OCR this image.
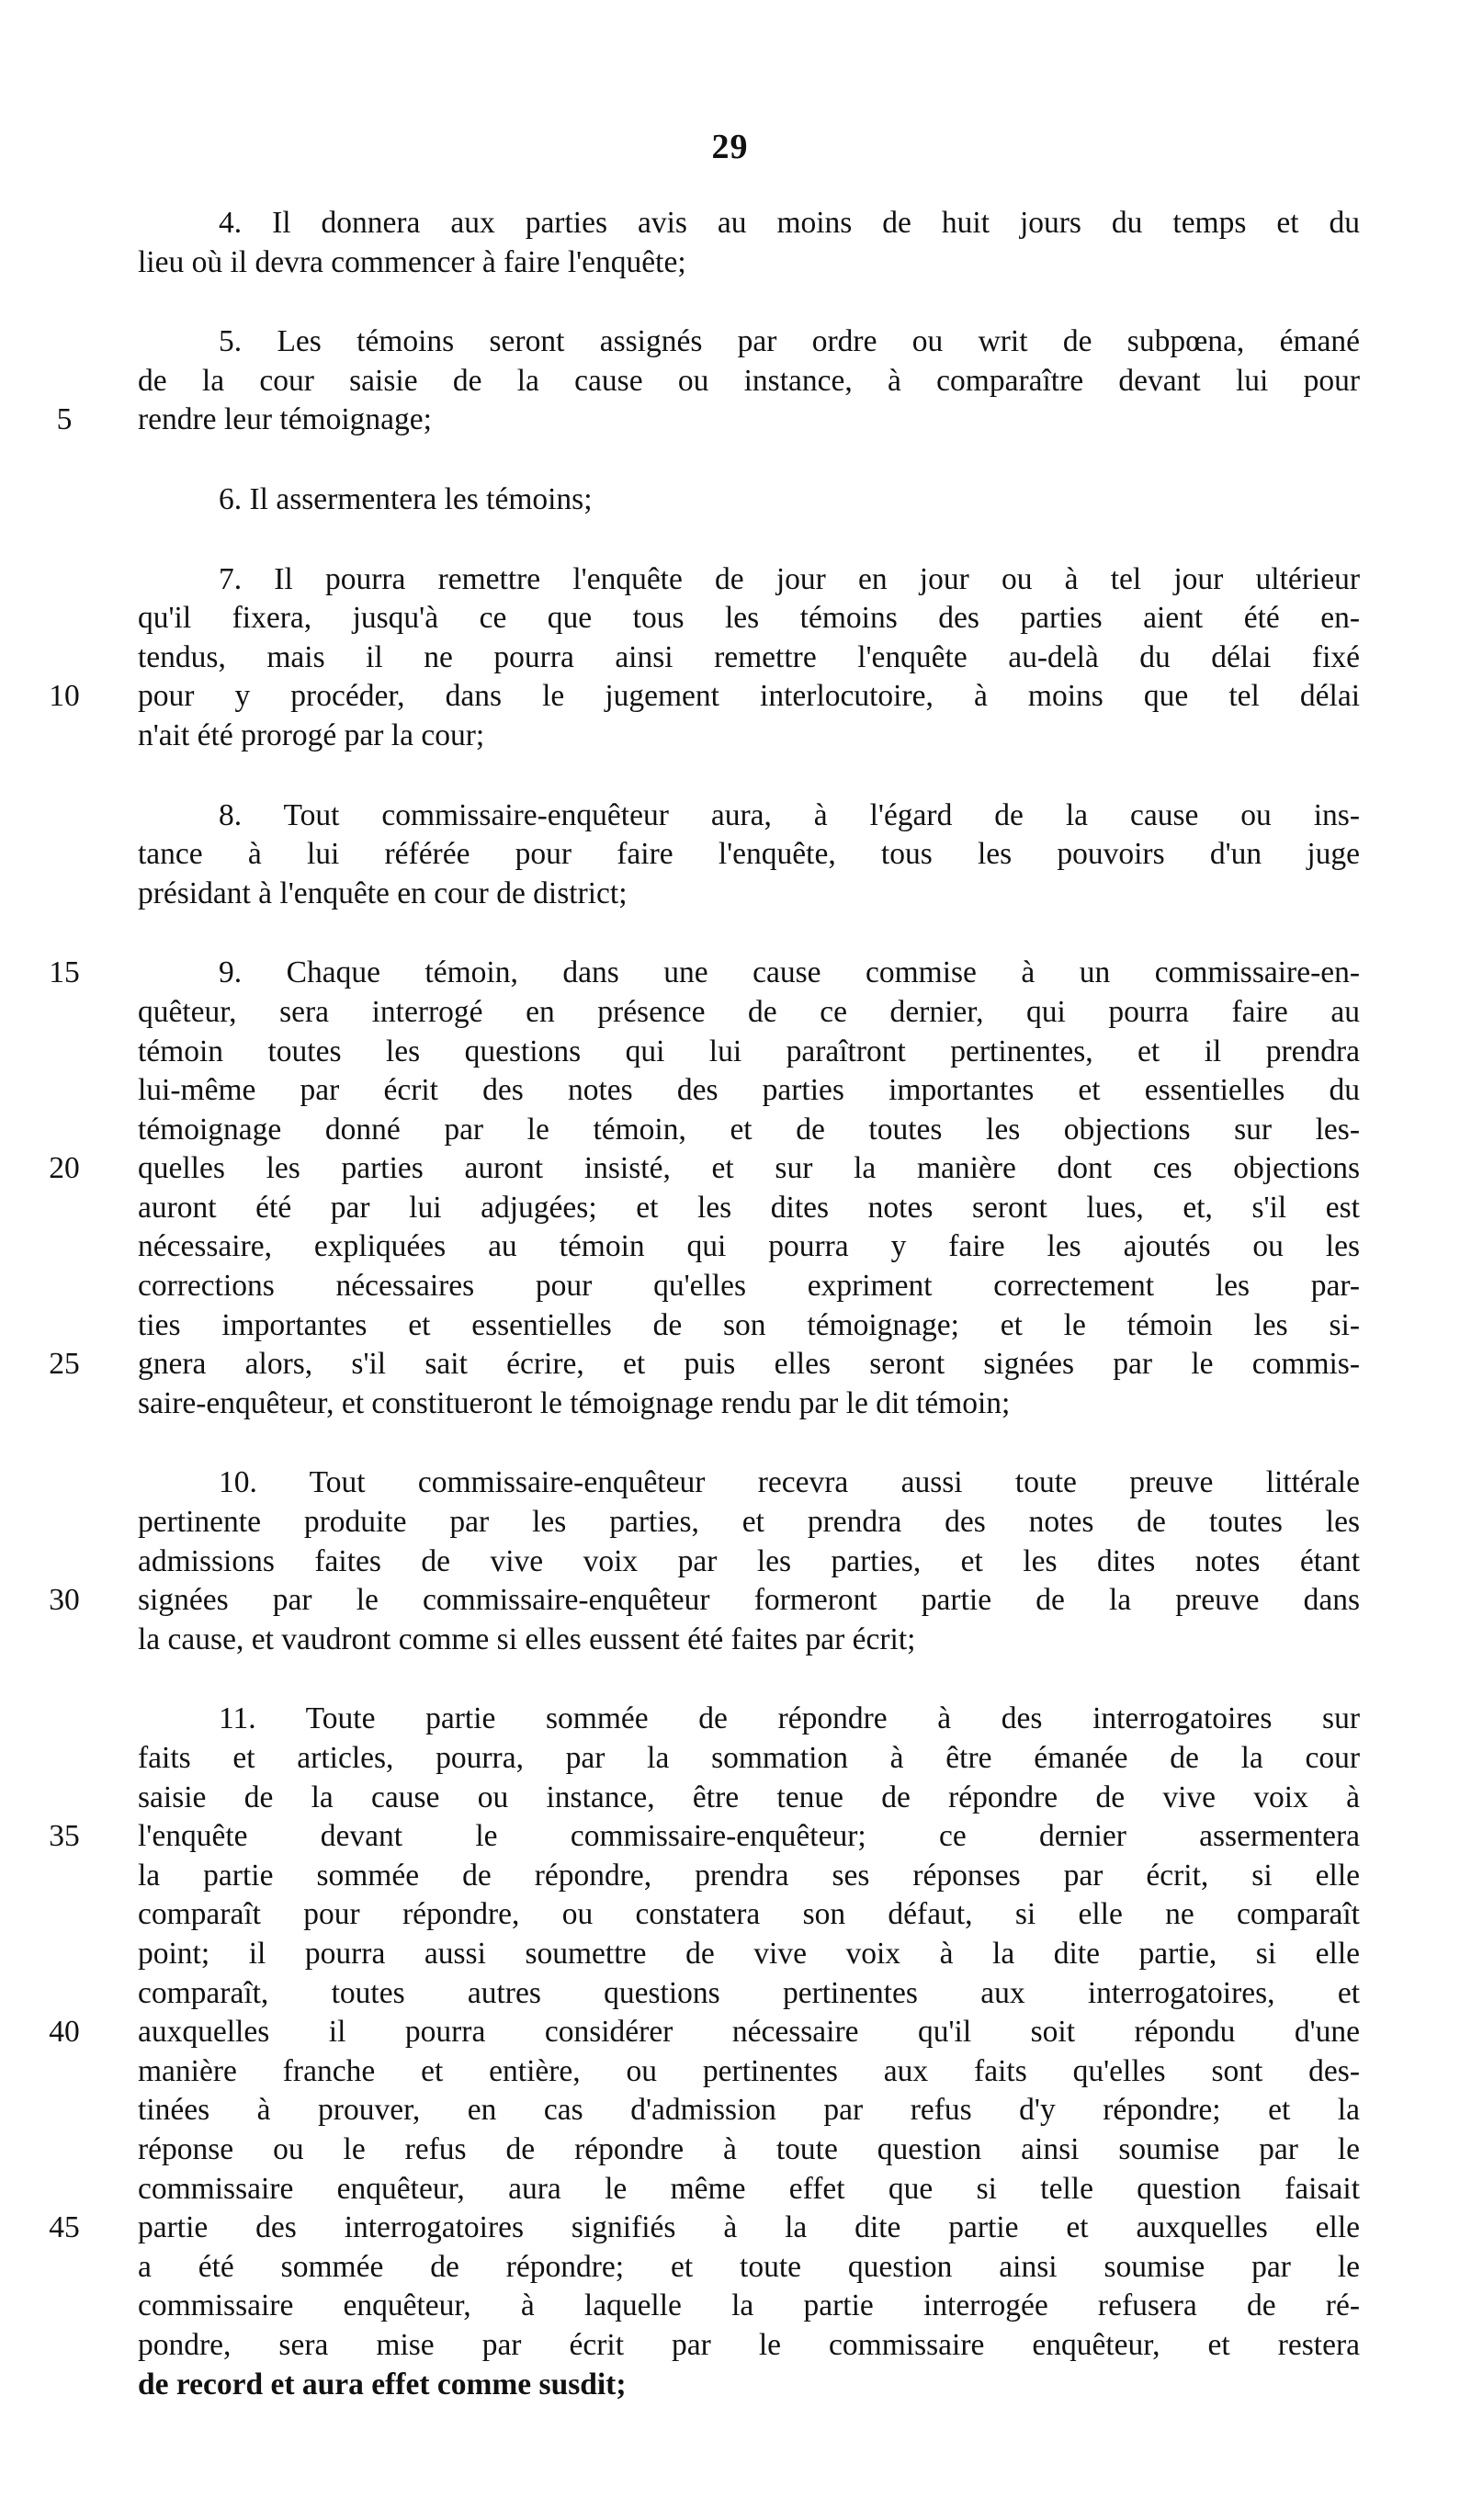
29
4. Il donnera aux parties avis au moins de huit jours du temps et du
lieu où il devra commencer à faire l'enquête;
5. Les témoins seront assignés par ordre ou writ de subpœna, émané
de la cour saisie de la cause ou instance, à comparaître devant lui pour
rendre leur témoignage;
5
6. Il assermentera les témoins;
7. Il pourra remettre l'enquête de jour en jour ou à tel jour ultérieur
qu'il fixera, jusqu'à ce que tous les témoins des parties aient été en-
tendus, mais il ne pourra ainsi remettre l'enquête au-delà du délai fixé
pour y procéder, dans le jugement interlocutoire, à moins que tel délai
10
n'ait été prorogé par la cour;
8. Tout commissaire-enquêteur aura, à l'égard de la cause ou ins-
tance à lui référée pour faire l'enquête, tous les pouvoirs d'un juge
présidant à l'enquête en cour de district;
9. Chaque témoin, dans une cause commise à un commissaire-en-
15
quêteur, sera interrogé en présence de ce dernier, qui pourra faire au
témoin toutes les questions qui lui paraîtront pertinentes, et il prendra
lui-même par écrit des notes des parties importantes et essentielles du
témoignage donné par le témoin, et de toutes les objections sur les-
quelles les parties auront insisté, et sur la manière dont ces objections
20
auront été par lui adjugées; et les dites notes seront lues, et, s'il est
nécessaire, expliquées au témoin qui pourra y faire les ajoutés ou les
corrections nécessaires pour qu'elles expriment correctement les par-
ties importantes et essentielles de son témoignage; et le témoin les si-
gnera alors, s'il sait écrire, et puis elles seront signées par le commis-
25
saire-enquêteur, et constitueront le témoignage rendu par le dit témoin;
10. Tout commissaire-enquêteur recevra aussi toute preuve littérale
pertinente produite par les parties, et prendra des notes de toutes les
admissions faites de vive voix par les parties, et les dites notes étant
signées par le commissaire-enquêteur formeront partie de la preuve dans
30
la cause, et vaudront comme si elles eussent été faites par écrit;
11. Toute partie sommée de répondre à des interrogatoires sur
faits et articles, pourra, par la sommation à être émanée de la cour
saisie de la cause ou instance, être tenue de répondre de vive voix à
l'enquête devant le commissaire-enquêteur; ce dernier assermentera
35
la partie sommée de répondre, prendra ses réponses par écrit, si elle
comparaît pour répondre, ou constatera son défaut, si elle ne comparaît
point; il pourra aussi soumettre de vive voix à la dite partie, si elle
comparaît, toutes autres questions pertinentes aux interrogatoires, et
auxquelles il pourra considérer nécessaire qu'il soit répondu d'une
40
manière franche et entière, ou pertinentes aux faits qu'elles sont des-
tinées à prouver, en cas d'admission par refus d'y répondre; et la
réponse ou le refus de répondre à toute question ainsi soumise par le
commissaire enquêteur, aura le même effet que si telle question faisait
partie des interrogatoires signifiés à la dite partie et auxquelles elle
45
a été sommée de répondre; et toute question ainsi soumise par le
commissaire enquêteur, à laquelle la partie interrogée refusera de ré-
pondre, sera mise par écrit par le commissaire enquêteur, et restera
de record et aura effet comme susdit;
